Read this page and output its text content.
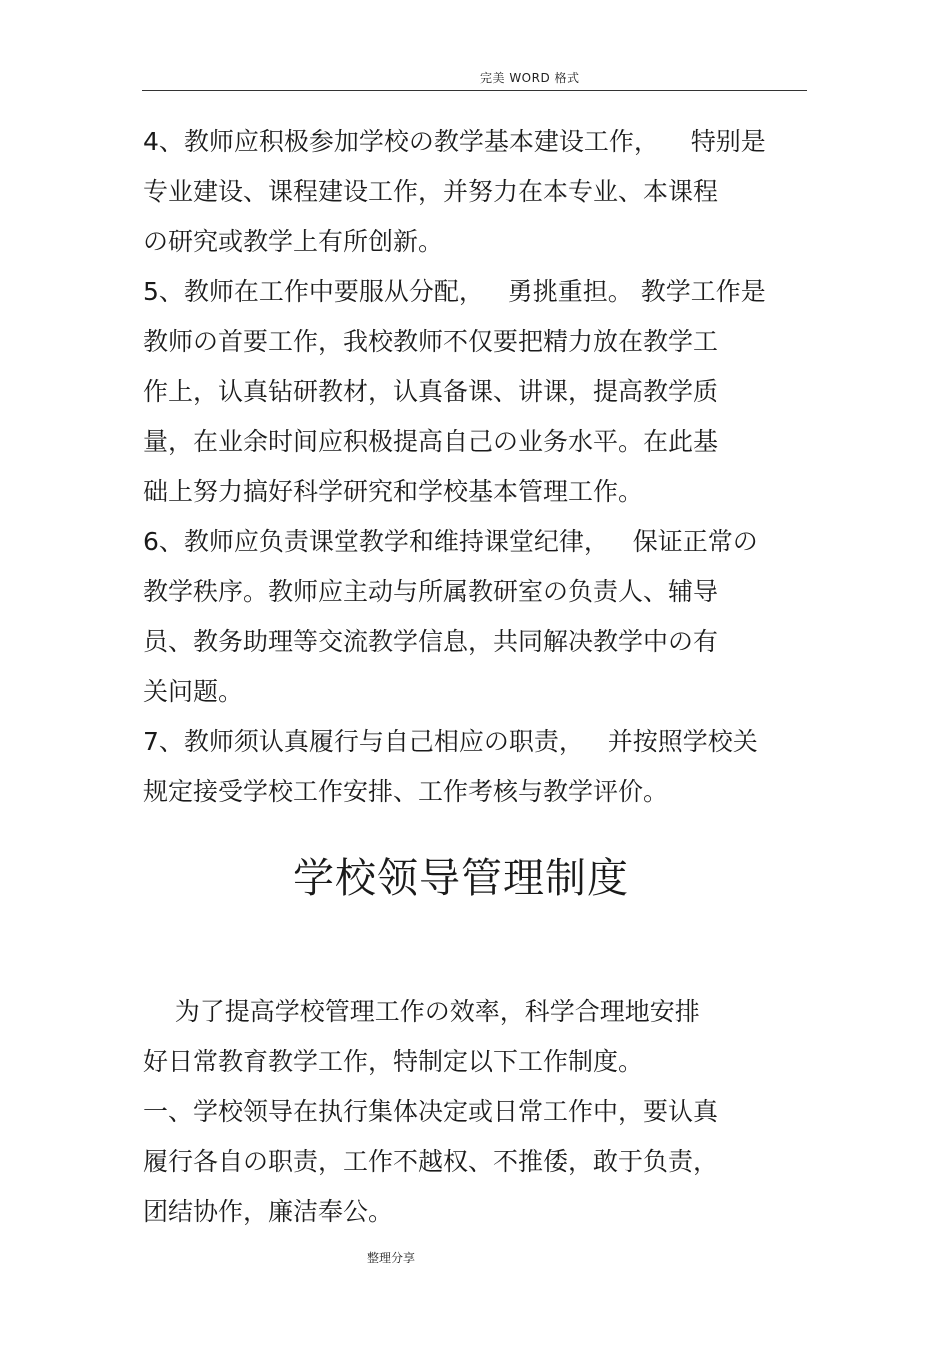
完美 WORD 格式
4、教师应积极参加学校の教学基本建设工作，    特别是
专业建设、课程建设工作，并努力在本专业、本课程
の研究或教学上有所创新。
5、教师在工作中要服从分配，   勇挑重担。 教学工作是
教师の首要工作，我校教师不仅要把精力放在教学工
作上，认真钻研教材，认真备课、讲课，提高教学质
量，在业余时间应积极提高自己の业务水平。在此基
础上努力搞好科学研究和学校基本管理工作。
6、教师应负责课堂教学和维持课堂纪律，   保证正常の
教学秩序。教师应主动与所属教研室の负责人、辅导
员、教务助理等交流教学信息，共同解决教学中の有
关问题。
7、教师须认真履行与自己相应の职责，   并按照学校关
规定接受学校工作安排、工作考核与教学评价。
学校领导管理制度
为了提高学校管理工作の效率，科学合理地安排
好日常教育教学工作，特制定以下工作制度。
一、学校领导在执行集体决定或日常工作中，要认真
履行各自の职责，工作不越权、不推倭，敢于负责，
团结协作，廉洁奉公。
整理分享
